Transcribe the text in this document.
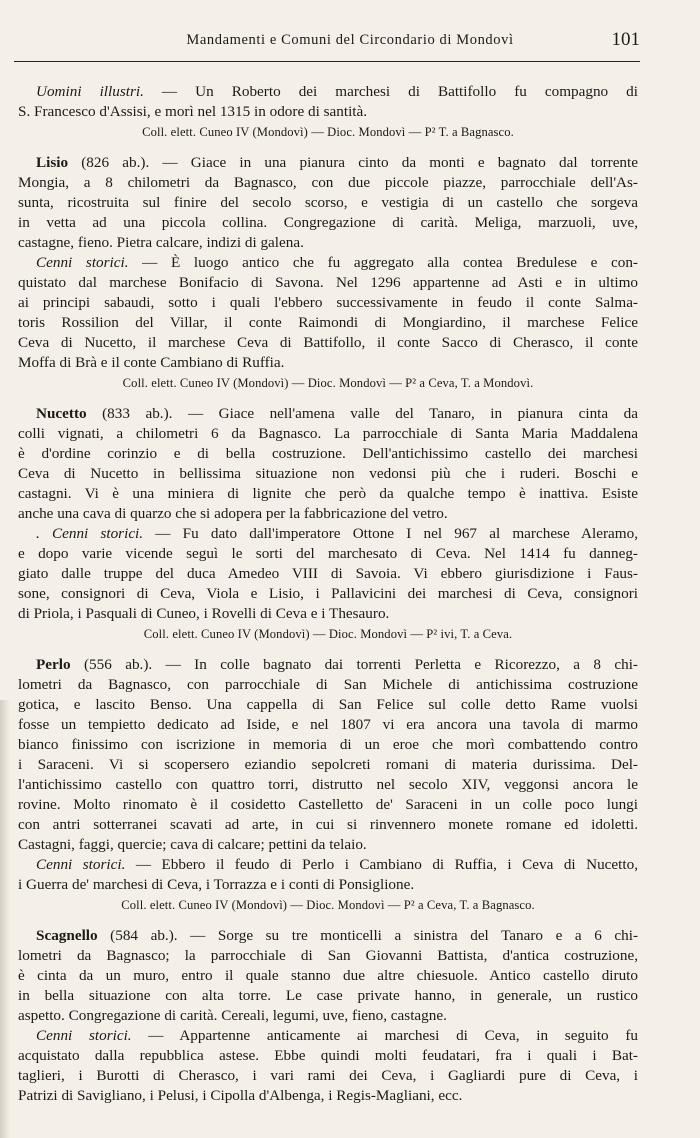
Mandamenti e Comuni del Circondario di Mondovì	101
Uomini illustri. — Un Roberto dei marchesi di Battifollo fu compagno di
S. Francesco d'Assisi, e morì nel 1315 in odore di santità.
Coll. elett. Cuneo IV (Mondovì) — Dioc. Mondovì — P² T. a Bagnasco.
Lisio (826 ab.). — Giace in una pianura cinto da monti e bagnato dal torrente
Mongia, a 8 chilometri da Bagnasco, con due piccole piazze, parrocchiale dell'As-
sunta, ricostruita sul finire del secolo scorso, e vestigia di un castello che sorgeva
in vetta ad una piccola collina. Congregazione di carità. Meliga, marzuoli, uve,
castagne, fieno. Pietra calcare, indizi di galena.
Cenni storici. — È luogo antico che fu aggregato alla contea Bredulese e con-
quistato dal marchese Bonifacio di Savona. Nel 1296 appartenne ad Asti e in ultimo
ai principi sabaudi, sotto i quali l'ebbero successivamente in feudo il conte Salma-
toris Rossilion del Villar, il conte Raimondi di Mongiardino, il marchese Felice
Ceva di Nucetto, il marchese Ceva di Battifollo, il conte Sacco di Cherasco, il conte
Moffa di Brà e il conte Cambiano di Ruffia.
Coll. elett. Cuneo IV (Mondovì) — Dioc. Mondovì — P² a Ceva, T. a Mondovì.
Nucetto (833 ab.). — Giace nell'amena valle del Tanaro, in pianura cinta da
colli vignati, a chilometri 6 da Bagnasco. La parrocchiale di Santa Maria Maddalena
è d'ordine corinzio e di bella costruzione. Dell'antichissimo castello dei marchesi
Ceva di Nucetto in bellissima situazione non vedonsi più che i ruderi. Boschi e
castagni. Vi è una miniera di lignite che però da qualche tempo è inattiva. Esiste
anche una cava di quarzo che si adopera per la fabbricazione del vetro.
. Cenni storici. — Fu dato dall'imperatore Ottone I nel 967 al marchese Aleramo,
e dopo varie vicende seguì le sorti del marchesato di Ceva. Nel 1414 fu danneg-
giato dalle truppe del duca Amedeo VIII di Savoia. Vi ebbero giurisdizione i Faus-
sone, consignori di Ceva, Viola e Lisio, i Pallavicini dei marchesi di Ceva, consignori
di Priola, i Pasquali di Cuneo, i Rovelli di Ceva e i Thesauro.
Coll. elett. Cuneo IV (Mondovì) — Dioc. Mondovì — P² ivi, T. a Ceva.
Perlo (556 ab.). — In colle bagnato dai torrenti Perletta e Ricorezzo, a 8 chi-
lometri da Bagnasco, con parrocchiale di San Michele di antichissima costruzione
gotica, e lascito Benso. Una cappella di San Felice sul colle detto Rame vuolsi
fosse un tempietto dedicato ad Iside, e nel 1807 vi era ancora una tavola di marmo
bianco finissimo con iscrizione in memoria di un eroe che morì combattendo contro
i Saraceni. Vi si scopersero eziandio sepolcreti romani di materia durissima. Del-
l'antichissimo castello con quattro torri, distrutto nel secolo XIV, veggonsi ancora le
rovine. Molto rinomato è il cosidetto Castelletto de' Saraceni in un colle poco lungi
con antri sotterranei scavati ad arte, in cui si rinvennero monete romane ed idoletti.
Castagni, faggi, quercie; cava di calcare; pettini da telaio.
Cenni storici. — Ebbero il feudo di Perlo i Cambiano di Ruffia, i Ceva di Nucetto,
i Guerra de' marchesi di Ceva, i Torrazza e i conti di Ponsiglione.
Coll. elett. Cuneo IV (Mondovì) — Dioc. Mondovì — P² a Ceva, T. a Bagnasco.
Scagnello (584 ab.). — Sorge su tre monticelli a sinistra del Tanaro e a 6 chi-
lometri da Bagnasco; la parrocchiale di San Giovanni Battista, d'antica costruzione,
è cinta da un muro, entro il quale stanno due altre chiesuole. Antico castello diruto
in bella situazione con alta torre. Le case private hanno, in generale, un rustico
aspetto. Congregazione di carità. Cereali, legumi, uve, fieno, castagne.
Cenni storici. — Appartenne anticamente ai marchesi di Ceva, in seguito fu
acquistato dalla repubblica astese. Ebbe quindi molti feudatari, fra i quali i Bat-
taglieri, i Burotti di Cherasco, i vari rami dei Ceva, i Gagliardi pure di Ceva, i
Patrizi di Savigliano, i Pelusi, i Cipolla d'Albenga, i Regis-Magliani, ecc.
